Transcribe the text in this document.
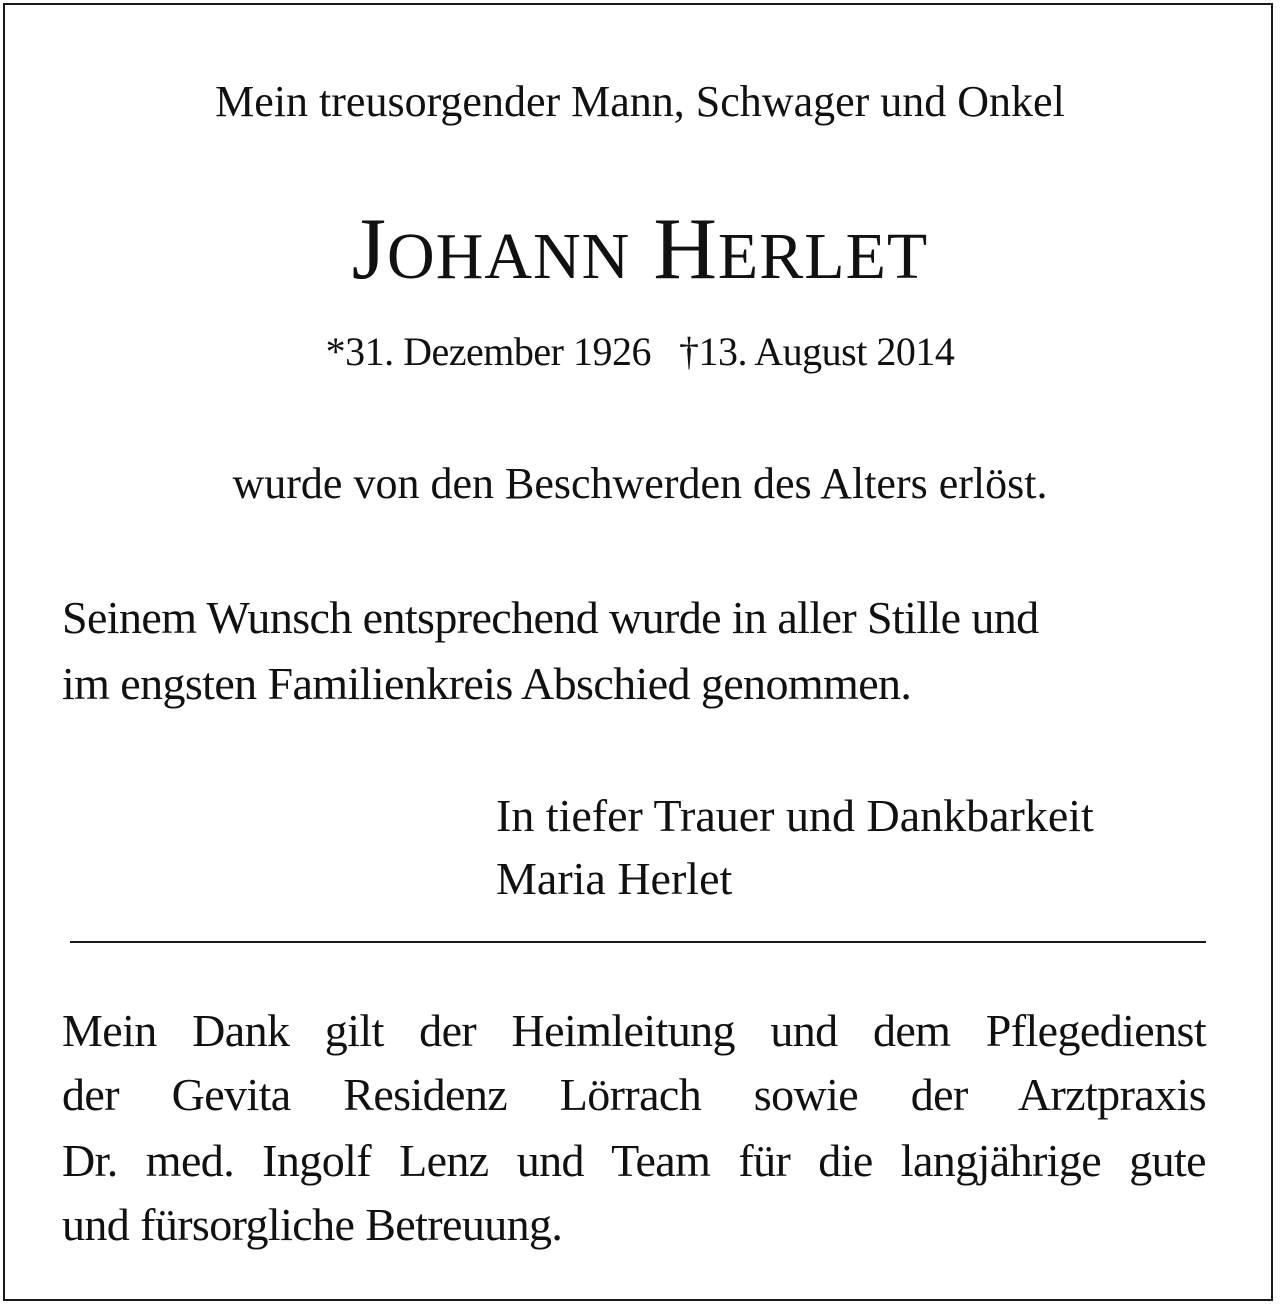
Mein treusorgender Mann, Schwager und Onkel
JOHANN HERLET
*31. Dezember 1926 †13. August 2014
wurde von den Beschwerden des Alters erlöst.
Seinem Wunsch entsprechend wurde in aller Stille und
im engsten Familienkreis Abschied genommen.
In tiefer Trauer und Dankbarkeit
Maria Herlet
Mein Dank gilt der Heimleitung und dem Pflegedienst
der Gevita Residenz Lörrach sowie der Arztpraxis
Dr. med. Ingolf Lenz und Team für die langjährige gute
und fürsorgliche Betreuung.
